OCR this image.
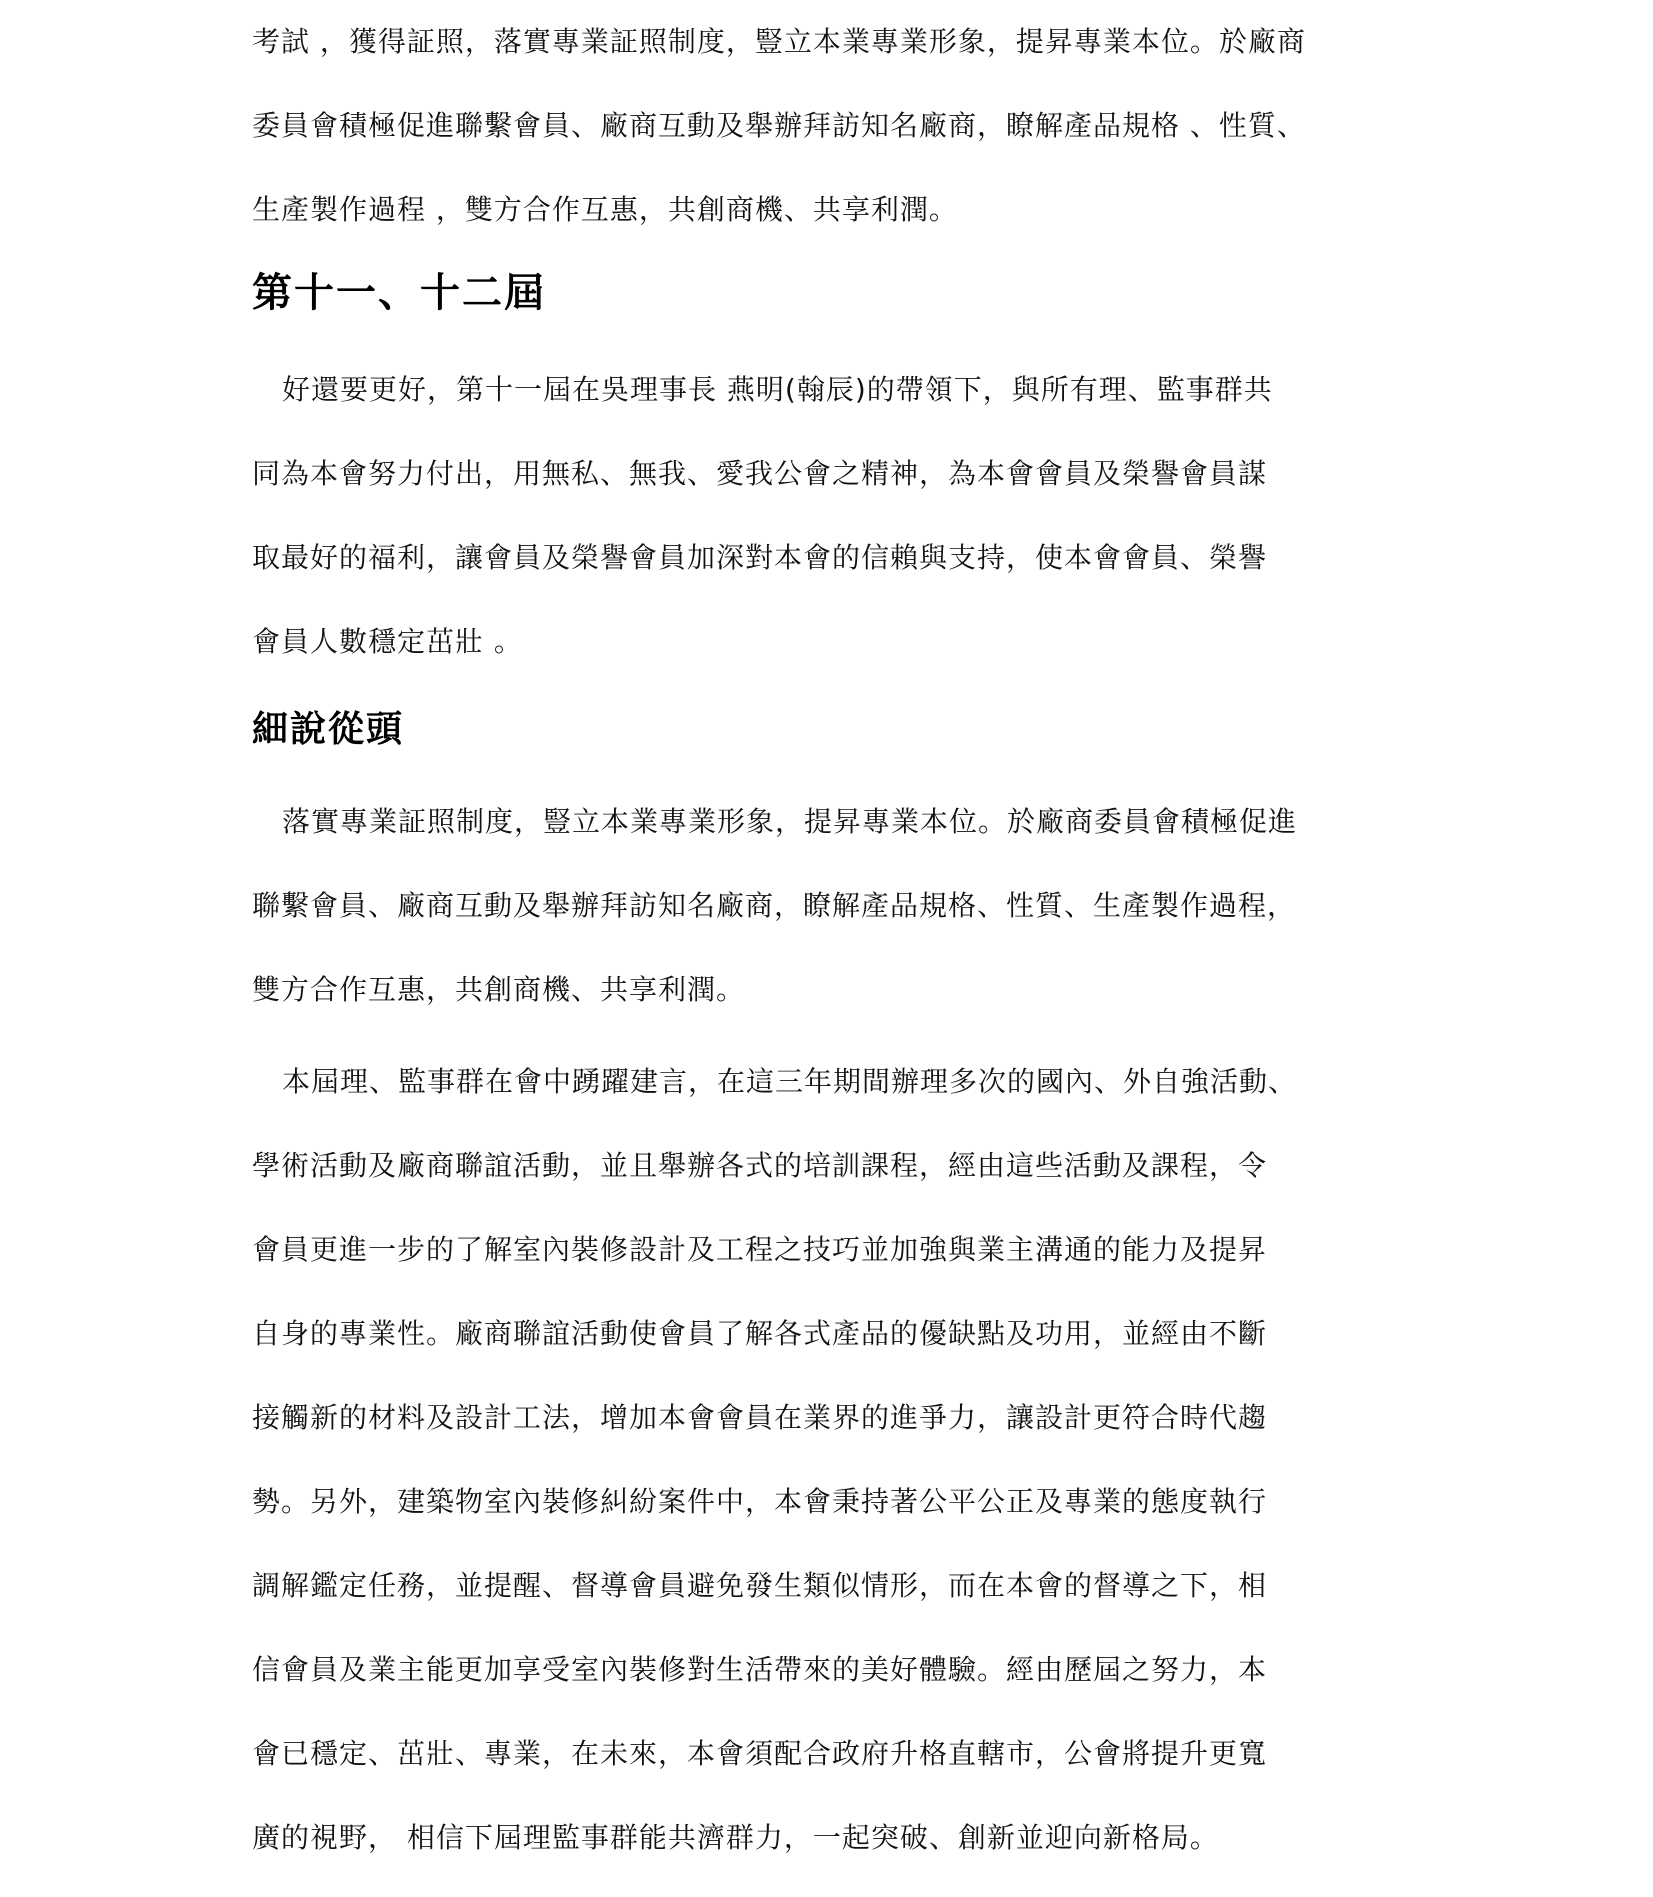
考試 ，獲得証照，落實專業証照制度，豎立本業專業形象，提昇專業本位。於廠商
委員會積極促進聯繫會員、廠商互動及舉辦拜訪知名廠商，瞭解產品規格 、性質、
生產製作過程 ，雙方合作互惠，共創商機、共享利潤。
第十一、十二屆
好還要更好，第十一屆在吳理事長 燕明(翰辰)的帶領下，與所有理、監事群共
同為本會努力付出，用無私、無我、愛我公會之精神，為本會會員及榮譽會員謀
取最好的福利，讓會員及榮譽會員加深對本會的信賴與支持，使本會會員、榮譽
會員人數穩定茁壯 。
細說從頭
落實專業証照制度，豎立本業專業形象，提昇專業本位。於廠商委員會積極促進
聯繫會員、廠商互動及舉辦拜訪知名廠商，瞭解產品規格、性質、生產製作過程，
雙方合作互惠，共創商機、共享利潤。
本屆理、監事群在會中踴躍建言，在這三年期間辦理多次的國內、外自強活動、
學術活動及廠商聯誼活動，並且舉辦各式的培訓課程，經由這些活動及課程，令
會員更進一步的了解室內裝修設計及工程之技巧並加強與業主溝通的能力及提昇
自身的專業性。廠商聯誼活動使會員了解各式產品的優缺點及功用，並經由不斷
接觸新的材料及設計工法，增加本會會員在業界的進爭力，讓設計更符合時代趨
勢。另外，建築物室內裝修糾紛案件中，本會秉持著公平公正及專業的態度執行
調解鑑定任務，並提醒、督導會員避免發生類似情形，而在本會的督導之下，相
信會員及業主能更加享受室內裝修對生活帶來的美好體驗。經由歷屆之努力，本
會已穩定、茁壯、專業，在未來，本會須配合政府升格直轄市，公會將提升更寬
廣的視野， 相信下屆理監事群能共濟群力，一起突破、創新並迎向新格局。
